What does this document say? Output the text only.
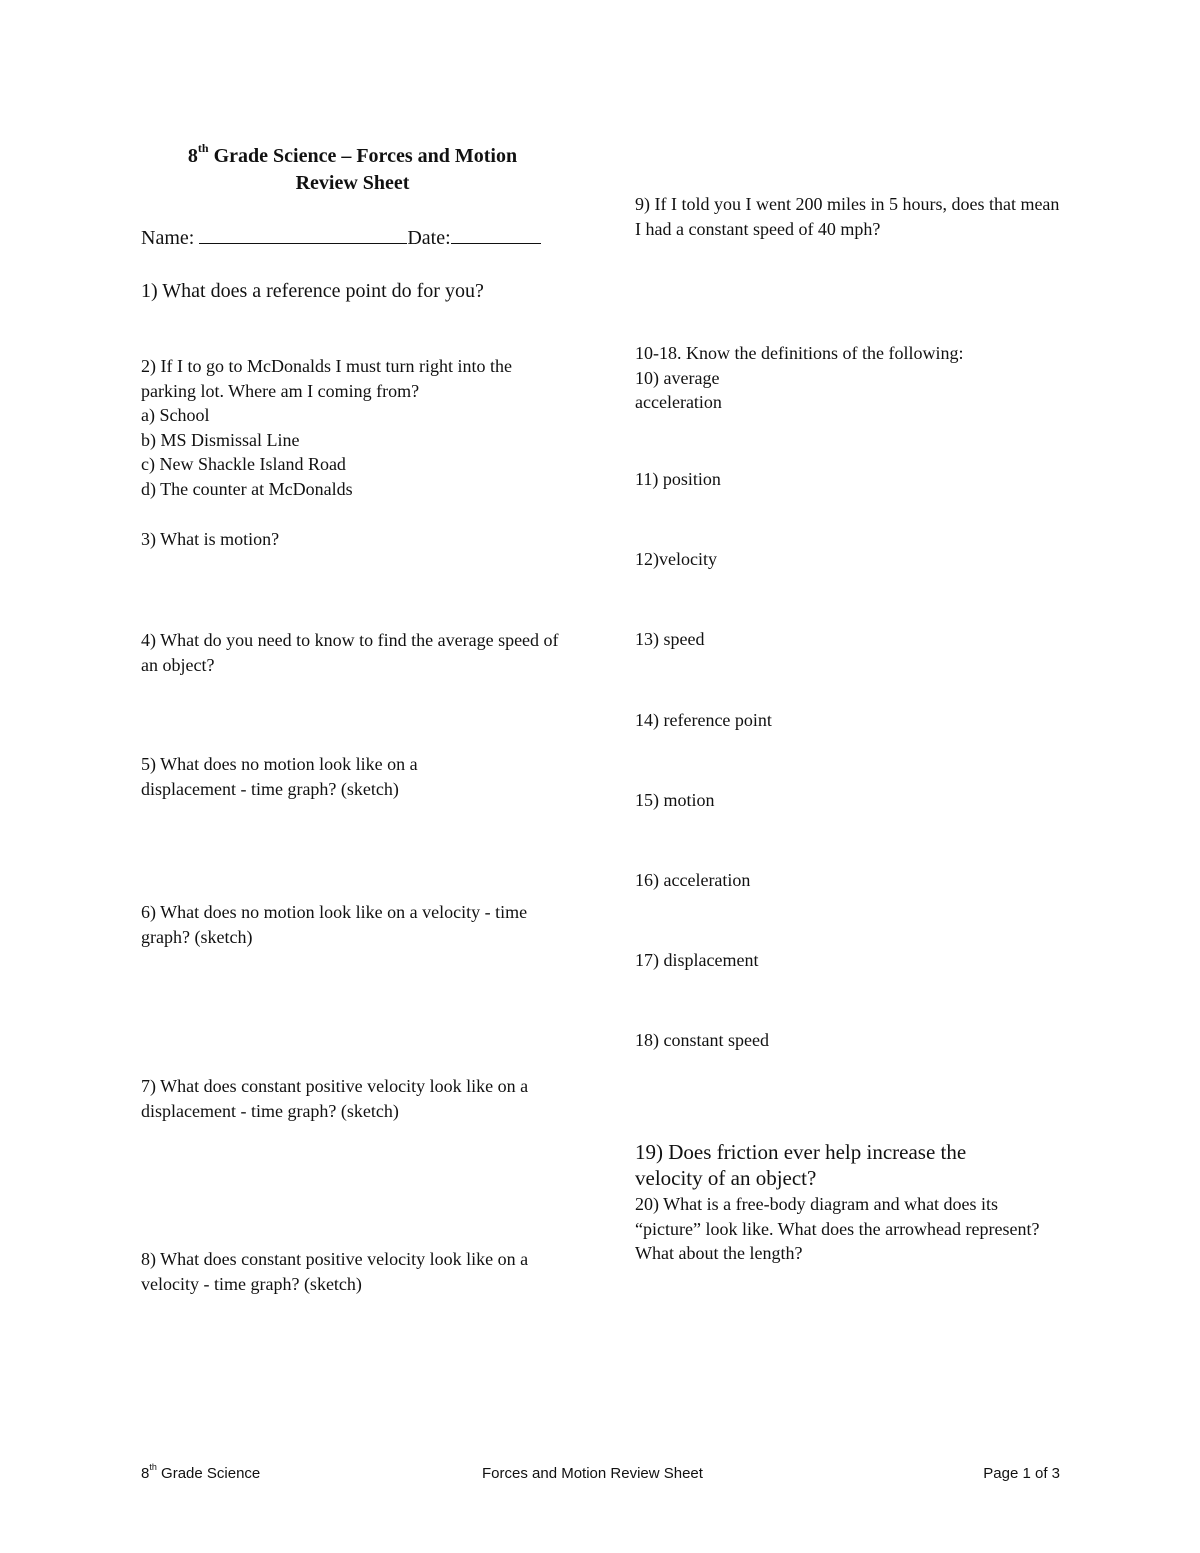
8th Grade Science – Forces and Motion
Review Sheet
Name:	Date:

1) What does a reference point do for you?

2) If I to go to McDonalds I must turn right into the parking lot. Where am I coming from?
a) School
b) MS Dismissal Line
c) New Shackle Island Road
d) The counter at McDonalds

3) What is motion?

4) What do you need to know to find the average speed of an object?

5) What does no motion look like on a displacement - time graph? (sketch)

6) What does no motion look like on a velocity - time graph? (sketch)

7) What does constant positive velocity look like on a displacement - time graph? (sketch)

8) What does constant positive velocity look like on a velocity - time graph? (sketch)

9) If I told you I went 200 miles in 5 hours, does that mean I had a constant speed of 40 mph?

10-18. Know the definitions of the following:
10) average
acceleration

11) position

12)velocity

13) speed

14) reference point

15) motion

16) acceleration

17) displacement

18) constant speed

19) Does friction ever help increase the velocity of an object?

20) What is a free-body diagram and what does its “picture” look like. What does the arrowhead represent? What about the length?

8th Grade Science	Forces and Motion Review Sheet	Page 1 of 3
